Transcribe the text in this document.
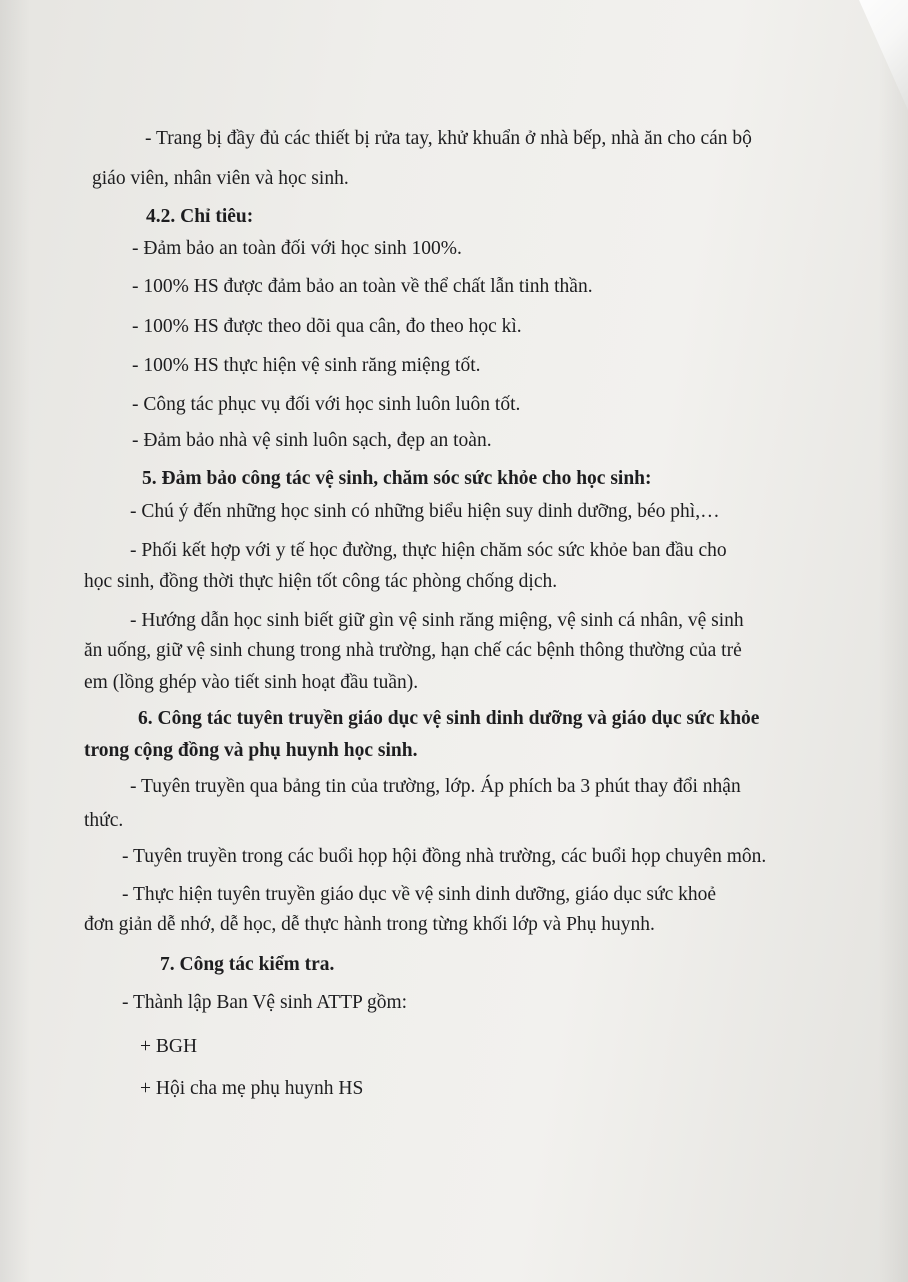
- Trang bị đầy đủ các thiết bị rửa tay, khử khuẩn ở nhà bếp, nhà ăn cho cán bộ
giáo viên, nhân viên và học sinh.
4.2. Chỉ tiêu:
- Đảm bảo an toàn đối với học sinh 100%.
- 100% HS được đảm bảo an toàn về thể chất lẫn tinh thần.
- 100% HS được theo dõi qua cân, đo theo học kì.
- 100% HS thực hiện vệ sinh răng miệng tốt.
- Công tác phục vụ đối với học sinh luôn luôn tốt.
- Đảm bảo nhà vệ sinh luôn sạch, đẹp an toàn.
5. Đảm bảo công tác vệ sinh, chăm sóc sức khỏe cho học sinh:
- Chú ý đến những học sinh có những biểu hiện suy dinh dưỡng, béo phì,…
- Phối kết hợp với y tế học đường, thực hiện chăm sóc sức khỏe ban đầu cho
học sinh, đồng thời thực hiện tốt công tác phòng chống dịch.
- Hướng dẫn học sinh biết giữ gìn vệ sinh răng miệng, vệ sinh cá nhân, vệ sinh
ăn uống, giữ vệ sinh chung trong nhà trường, hạn chế các bệnh thông thường của trẻ
em (lồng ghép vào tiết sinh hoạt đầu tuần).
6. Công tác tuyên truyền giáo dục vệ sinh dinh dưỡng và giáo dục sức khỏe
trong cộng đồng và phụ huynh học sinh.
- Tuyên truyền qua bảng tin của trường, lớp. Áp phích ba 3 phút thay đổi nhận
thức.
- Tuyên truyền trong các buổi họp hội đồng nhà trường, các buổi họp chuyên môn.
- Thực hiện tuyên truyền giáo dục về vệ sinh dinh dưỡng, giáo dục sức khoẻ
đơn giản dễ nhớ, dễ học, dễ thực hành trong từng khối lớp và Phụ huynh.
7. Công tác kiểm tra.
- Thành lập Ban Vệ sinh ATTP gồm:
+ BGH
+ Hội cha mẹ phụ huynh HS
